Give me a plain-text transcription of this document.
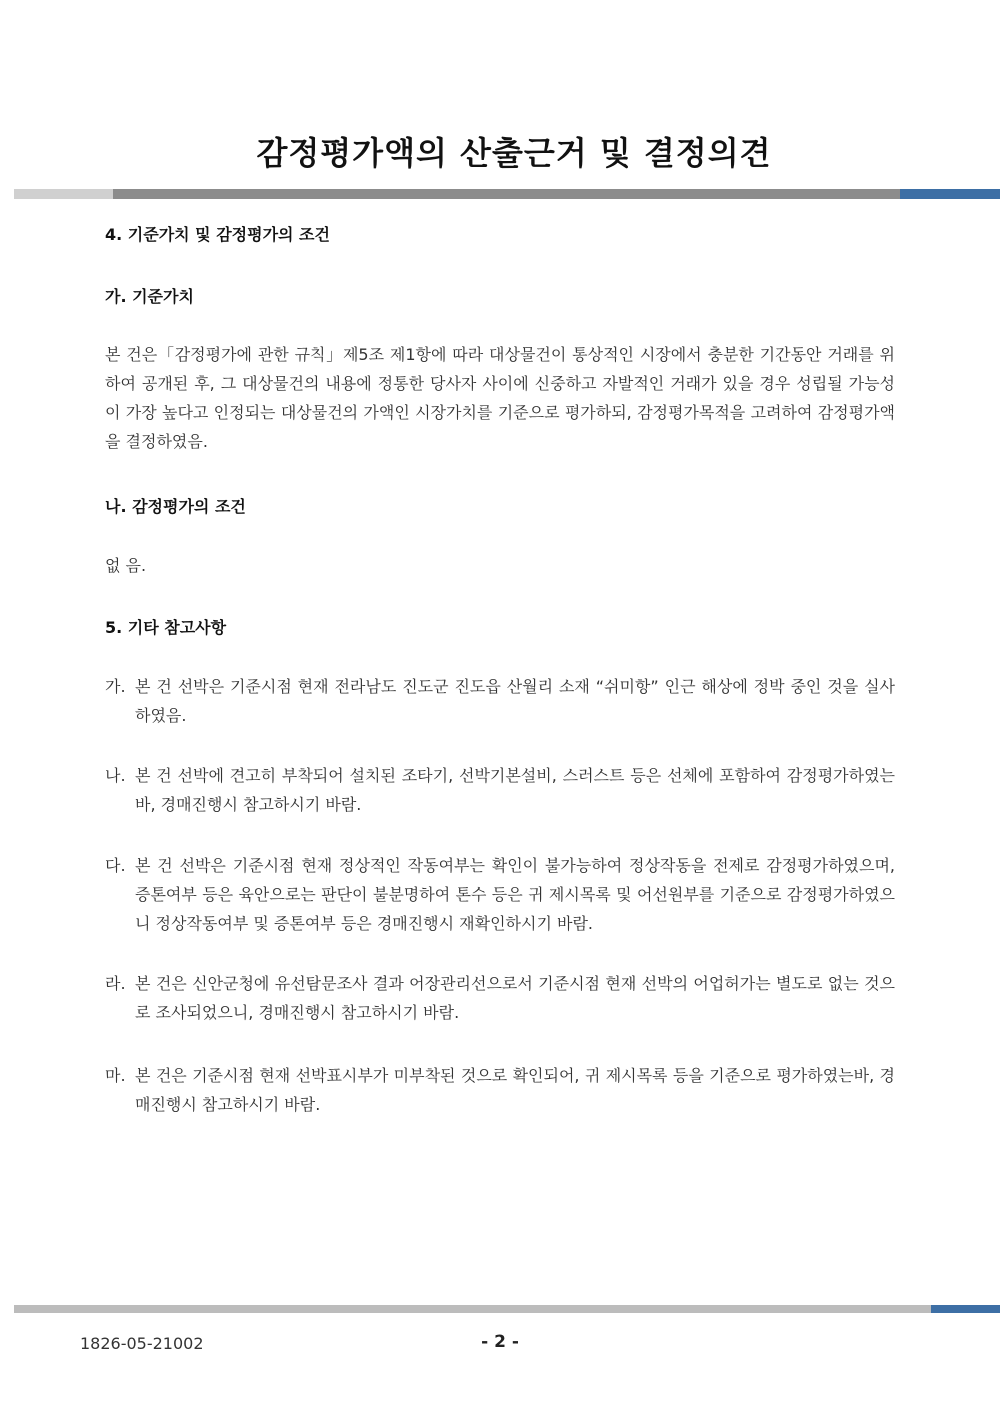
감정평가액의 산출근거 및 결정의견
4. 기준가치 및 감정평가의 조건
가. 기준가치
본 건은「감정평가에 관한 규칙」제5조 제1항에 따라 대상물건이 통상적인 시장에서 충분한 기간동안 거래를 위하여 공개된 후, 그 대상물건의 내용에 정통한 당사자 사이에 신중하고 자발적인 거래가 있을 경우 성립될 가능성이 가장 높다고 인정되는 대상물건의 가액인 시장가치를 기준으로 평가하되, 감정평가목적을 고려하여 감정평가액을 결정하였음.
나. 감정평가의 조건
없 음.
5. 기타 참고사항
가. 본 건 선박은 기준시점 현재 전라남도 진도군 진도읍 산월리 소재 “쉬미항” 인근 해상에 정박 중인 것을 실사하였음.
나. 본 건 선박에 견고히 부착되어 설치된 조타기, 선박기본설비, 스러스트 등은 선체에 포함하여 감정평가하였는바, 경매진행시 참고하시기 바람.
다. 본 건 선박은 기준시점 현재 정상적인 작동여부는 확인이 불가능하여 정상작동을 전제로 감정평가하였으며, 증톤여부 등은 육안으로는 판단이 불분명하여 톤수 등은 귀 제시목록 및 어선원부를 기준으로 감정평가하였으니 정상작동여부 및 증톤여부 등은 경매진행시 재확인하시기 바람.
라. 본 건은 신안군청에 유선탐문조사 결과 어장관리선으로서 기준시점 현재 선박의 어업허가는 별도로 없는 것으로 조사되었으니, 경매진행시 참고하시기 바람.
마. 본 건은 기준시점 현재 선박표시부가 미부착된 것으로 확인되어, 귀 제시목록 등을 기준으로 평가하였는바, 경매진행시 참고하시기 바람.
1826-05-21002	- 2 -
